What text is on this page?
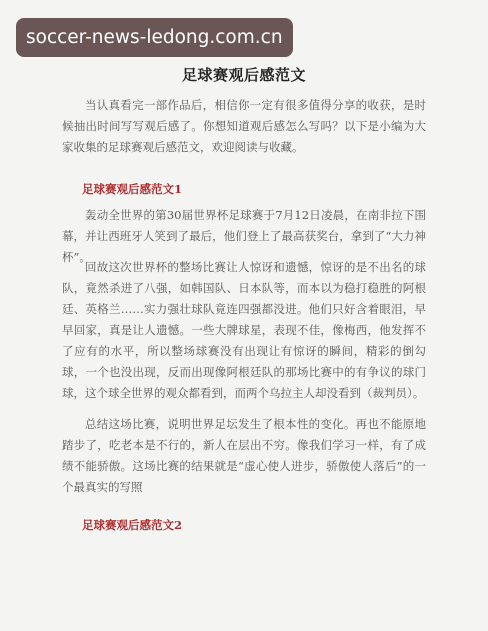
soccer-news-ledong.com.cn
足球赛观后感范文

当认真看完一部作品后，相信你一定有很多值得分享的收获，是时候抽出时间写写观后感了。你想知道观后感怎么写吗？以下是小编为大家收集的足球赛观后感范文，欢迎阅读与收藏。

足球赛观后感范文1

轰动全世界的第30届世界杯足球赛于7月12日凌晨，在南非拉下围幕，并让西班牙人笑到了最后，他们登上了最高获奖台，拿到了“大力神杯”。

回故这次世界杯的整场比赛让人惊讶和遗憾，惊讶的是不出名的球队，竟然杀进了八强，如韩国队、日本队等，而本以为稳打稳胜的阿根廷、英格兰……实力强壮球队竟连四强都没进。他们只好含着眼泪，早早回家，真是让人遗憾。一些大牌球星，表现不佳，像梅西，他发挥不了应有的水平，所以整场球赛没有出现让有惊讶的瞬间，精彩的倒勾球，一个也没出现，反而出现像阿根廷队的那场比赛中的有争议的球门球，这个球全世界的观众都看到，而两个乌拉主人却没看到（裁判员）。

总结这场比赛，说明世界足坛发生了根本性的变化。再也不能原地踏步了，吃老本是不行的，新人在层出不穷。像我们学习一样，有了成绩不能骄傲。这场比赛的结果就是“虚心使人进步，骄傲使人落后”的一个最真实的写照

足球赛观后感范文2
